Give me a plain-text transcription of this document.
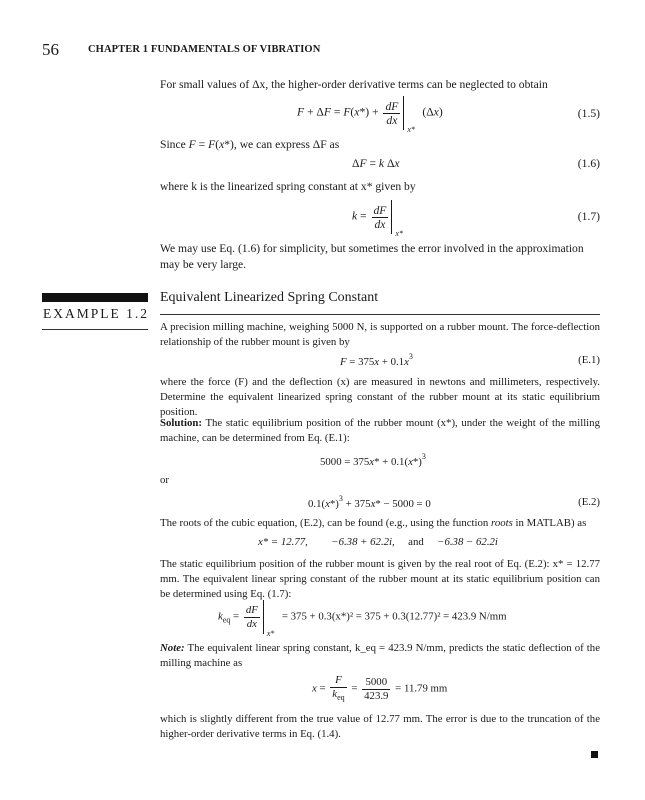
56	CHAPTER 1 FUNDAMENTALS OF VIBRATION
For small values of Δx, the higher-order derivative terms can be neglected to obtain
$F + \Delta F = F(x*) + \frac{dF}{dx}$
x*
(Δx)	(1.5)
Since F = F(x*), we can express ΔF as
ΔF = k Δx	(1.6)
where k is the linearized spring constant at x* given by
$k = \frac{dF}{dx}$
x*
(1.7)
We may use Eq. (1.6) for simplicity, but sometimes the error involved in the approximation may be very large.
EXAMPLE 1.2
Equivalent Linearized Spring Constant
A precision milling machine, weighing 5000 N, is supported on a rubber mount. The force-deflection relationship of the rubber mount is given by
$F = 375x + 0.1x^3$	(E.1)
where the force (F) and the deflection (x) are measured in newtons and millimeters, respectively. Determine the equivalent linearized spring constant of the rubber mount at its static equilibrium position.
Solution: The static equilibrium position of the rubber mount (x*), under the weight of the milling machine, can be determined from Eq. (E.1):
$5000 = 375x* + 0.1(x*)^3$
or
$0.1(x*)^3 + 375x* - 5000 = 0$	(E.2)
The roots of the cubic equation, (E.2), can be found (e.g., using the function roots in MATLAB) as
x* = 12.77, −6.38 + 62.2i, and −6.38 − 62.2i
The static equilibrium position of the rubber mount is given by the real root of Eq. (E.2): x* = 12.77 mm. The equivalent linear spring constant of the rubber mount at its static equilibrium position can be determined using Eq. (1.7):
$k_{eq} = \frac{dF}{dx}$
x*
= 375 + 0.3(x*)² = 375 + 0.3(12.77)² = 423.9 N/mm
Note: The equivalent linear spring constant, k_eq = 423.9 N/mm, predicts the static deflection of the milling machine as
$x = \frac{F}{k_{eq}} = \frac{5000}{423.9} = 11.79$ mm
which is slightly different from the true value of 12.77 mm. The error is due to the truncation of the higher-order derivative terms in Eq. (1.4).
